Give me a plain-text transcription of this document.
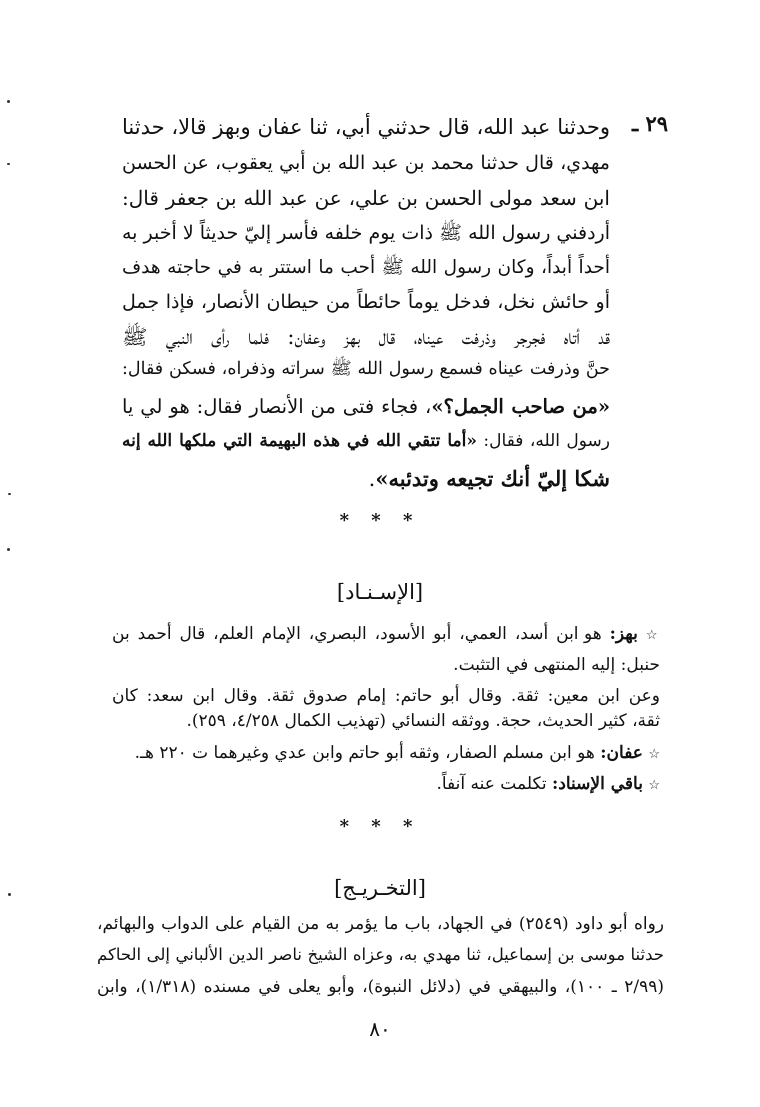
٢٩ ـ
وحدثنا عبد الله، قال حدثني أبي، ثنا عفان وبهز قالا، حدثنا
مهدي، قال حدثنا محمد بن عبد الله بن أبي يعقوب، عن الحسن
ابن سعد مولى الحسن بن علي، عن عبد الله بن جعفر قال:
أردفني رسول الله ﷺ ذات يوم خلفه فأسر إليّ حديثاً لا أخبر به
أحداً أبداً، وكان رسول الله ﷺ أحب ما استتر به في حاجته هدف
أو حائش نخل، فدخل يوماً حائطاً من حيطان الأنصار، فإذا جمل
قد أتاه فجرجر وذرفت عيناه، قال بهز وعفان: فلما رأى النبي ﷺ
حنَّ وذرفت عيناه فسمع رسول الله ﷺ سراته وذفراه، فسكن فقال:
«من صاحب الجمل؟»، فجاء فتى من الأنصار فقال: هو لي يا
رسول الله، فقال: «أما تتقي الله في هذه البهيمة التي ملكها الله إنه
شكا إليّ أنك تجيعه وتدئبه».
* * *
[الإسـنـاد]
☆ بهز: هو ابن أسد، العمي، أبو الأسود، البصري، الإمام العلم، قال أحمد بن
حنبل: إليه المنتهى في التثبت.
وعن ابن معين: ثقة. وقال أبو حاتم: إمام صدوق ثقة. وقال ابن سعد: كان
ثقة، كثير الحديث، حجة. ووثقه النسائي (تهذيب الكمال ٤/٢٥٨، ٢٥٩).
☆ عفان: هو ابن مسلم الصفار، وثقه أبو حاتم وابن عدي وغيرهما ت ٢٢٠ هـ.
☆ باقي الإسناد: تكلمت عنه آنفاً.
* * *
[التخـريـج]
رواه أبو داود (٢٥٤٩) في الجهاد، باب ما يؤمر به من القيام على الدواب والبهائم،
حدثنا موسى بن إسماعيل، ثنا مهدي به، وعزاه الشيخ ناصر الدين الألباني إلى الحاكم
(٢/٩٩ ـ ١٠٠)، والبيهقي في (دلائل النبوة)، وأبو يعلى في مسنده (١/٣١٨)، وابن
٨٠
